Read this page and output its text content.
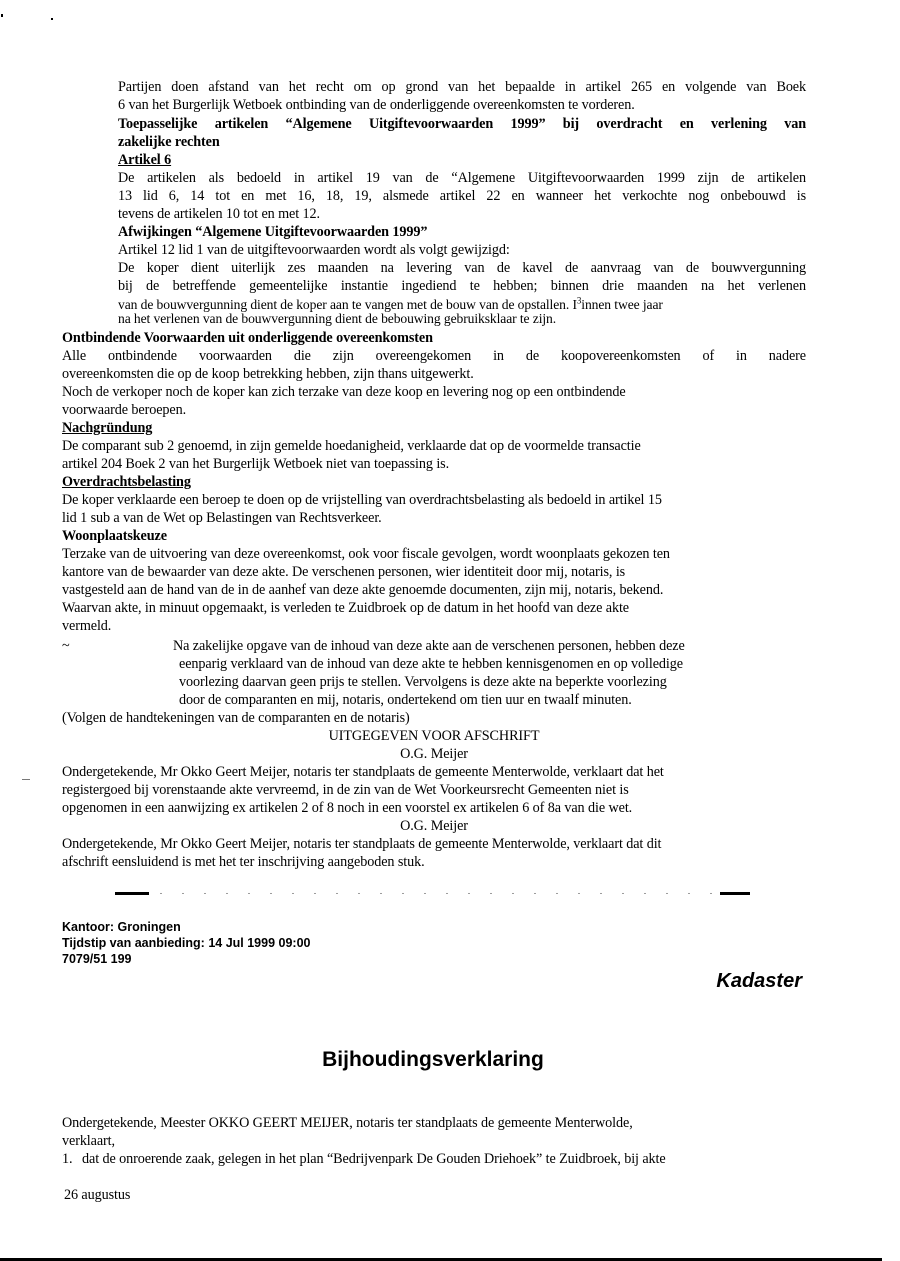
Partijen doen afstand van het recht om op grond van het bepaalde in artikel 265 en volgende van Boek
6 van het Burgerlijk Wetboek ontbinding van de onderliggende overeenkomsten te vorderen.
Toepasselijke artikelen “Algemene Uitgiftevoorwaarden 1999” bij overdracht en verlening van
zakelijke rechten
Artikel 6
De artikelen als bedoeld in artikel 19 van de “Algemene Uitgiftevoorwaarden 1999 zijn de artikelen
13 lid 6, 14 tot en met 16, 18, 19, alsmede artikel 22 en wanneer het verkochte nog onbebouwd is
tevens de artikelen 10 tot en met 12.
Afwijkingen “Algemene Uitgiftevoorwaarden 1999”
Artikel 12 lid 1 van de uitgiftevoorwaarden wordt als volgt gewijzigd:
De koper dient uiterlijk zes maanden na levering van de kavel de aanvraag van de bouwvergunning
bij de betreffende gemeentelijke instantie ingediend te hebben; binnen drie maanden na het verlenen
van de bouwvergunning dient de koper aan te vangen met de bouw van de opstallen. $I^3innen$ twee jaar
na het verlenen van de bouwvergunning dient de bebouwing gebruiksklaar te zijn.
Ontbindende Voorwaarden uit onderliggende overeenkomsten
Alle ontbindende voorwaarden die zijn overeengekomen in de koopovereenkomsten of in nadere
overeenkomsten die op de koop betrekking hebben, zijn thans uitgewerkt.
Noch de verkoper noch de koper kan zich terzake van deze koop en levering nog op een ontbindende
voorwaarde beroepen.
Nachgründung
De comparant sub 2 genoemd, in zijn gemelde hoedanigheid, verklaarde dat op de voormelde transactie
artikel 204 Boek 2 van het Burgerlijk Wetboek niet van toepassing is.
Overdrachtsbelasting
De koper verklaarde een beroep te doen op de vrijstelling van overdrachtsbelasting als bedoeld in artikel 15
lid 1 sub a van de Wet op Belastingen van Rechtsverkeer.
Woonplaatskeuze
Terzake van de uitvoering van deze overeenkomst, ook voor fiscale gevolgen, wordt woonplaats gekozen ten
kantore van de bewaarder van deze akte. De verschenen personen, wier identiteit door mij, notaris, is
vastgesteld aan de hand van de in de aanhef van deze akte genoemde documenten, zijn mij, notaris, bekend.
Waarvan akte, in minuut opgemaakt, is verleden te Zuidbroek op de datum in het hoofd van deze akte
vermeld.
~	Na zakelijke opgave van de inhoud van deze akte aan de verschenen personen, hebben deze
eenparig verklaard van de inhoud van deze akte te hebben kennisgenomen en op volledige
voorlezing daarvan geen prijs te stellen. Vervolgens is deze akte na beperkte voorlezing
door de comparanten en mij, notaris, ondertekend om tien uur en twaalf minuten.
(Volgen de handtekeningen van de comparanten en de notaris)
UITGEGEVEN VOOR AFSCHRIFT
O.G. Meijer
Ondergetekende, Mr Okko Geert Meijer, notaris ter standplaats de gemeente Menterwolde, verklaart dat het
registergoed bij vorenstaande akte vervreemd, in de zin van de Wet Voorkeursrecht Gemeenten niet is
opgenomen in een aanwijzing ex artikelen 2 of 8 noch in een voorstel ex artikelen 6 of 8a van die wet.
O.G. Meijer
Ondergetekende, Mr Okko Geert Meijer, notaris ter standplaats de gemeente Menterwolde, verklaart dat dit
afschrift eensluidend is met het ter inschrijving aangeboden stuk.
Kantoor: Groningen
Tijdstip van aanbieding: 14 Jul 1999 09:00
7079/51 199
Kadaster
Bijhoudingsverklaring
Ondergetekende, Meester OKKO GEERT MEIJER, notaris ter standplaats de gemeente Menterwolde,
verklaart,
1. dat de onroerende zaak, gelegen in het plan “Bedrijvenpark De Gouden Driehoek” te Zuidbroek, bij akte
26 augustus
